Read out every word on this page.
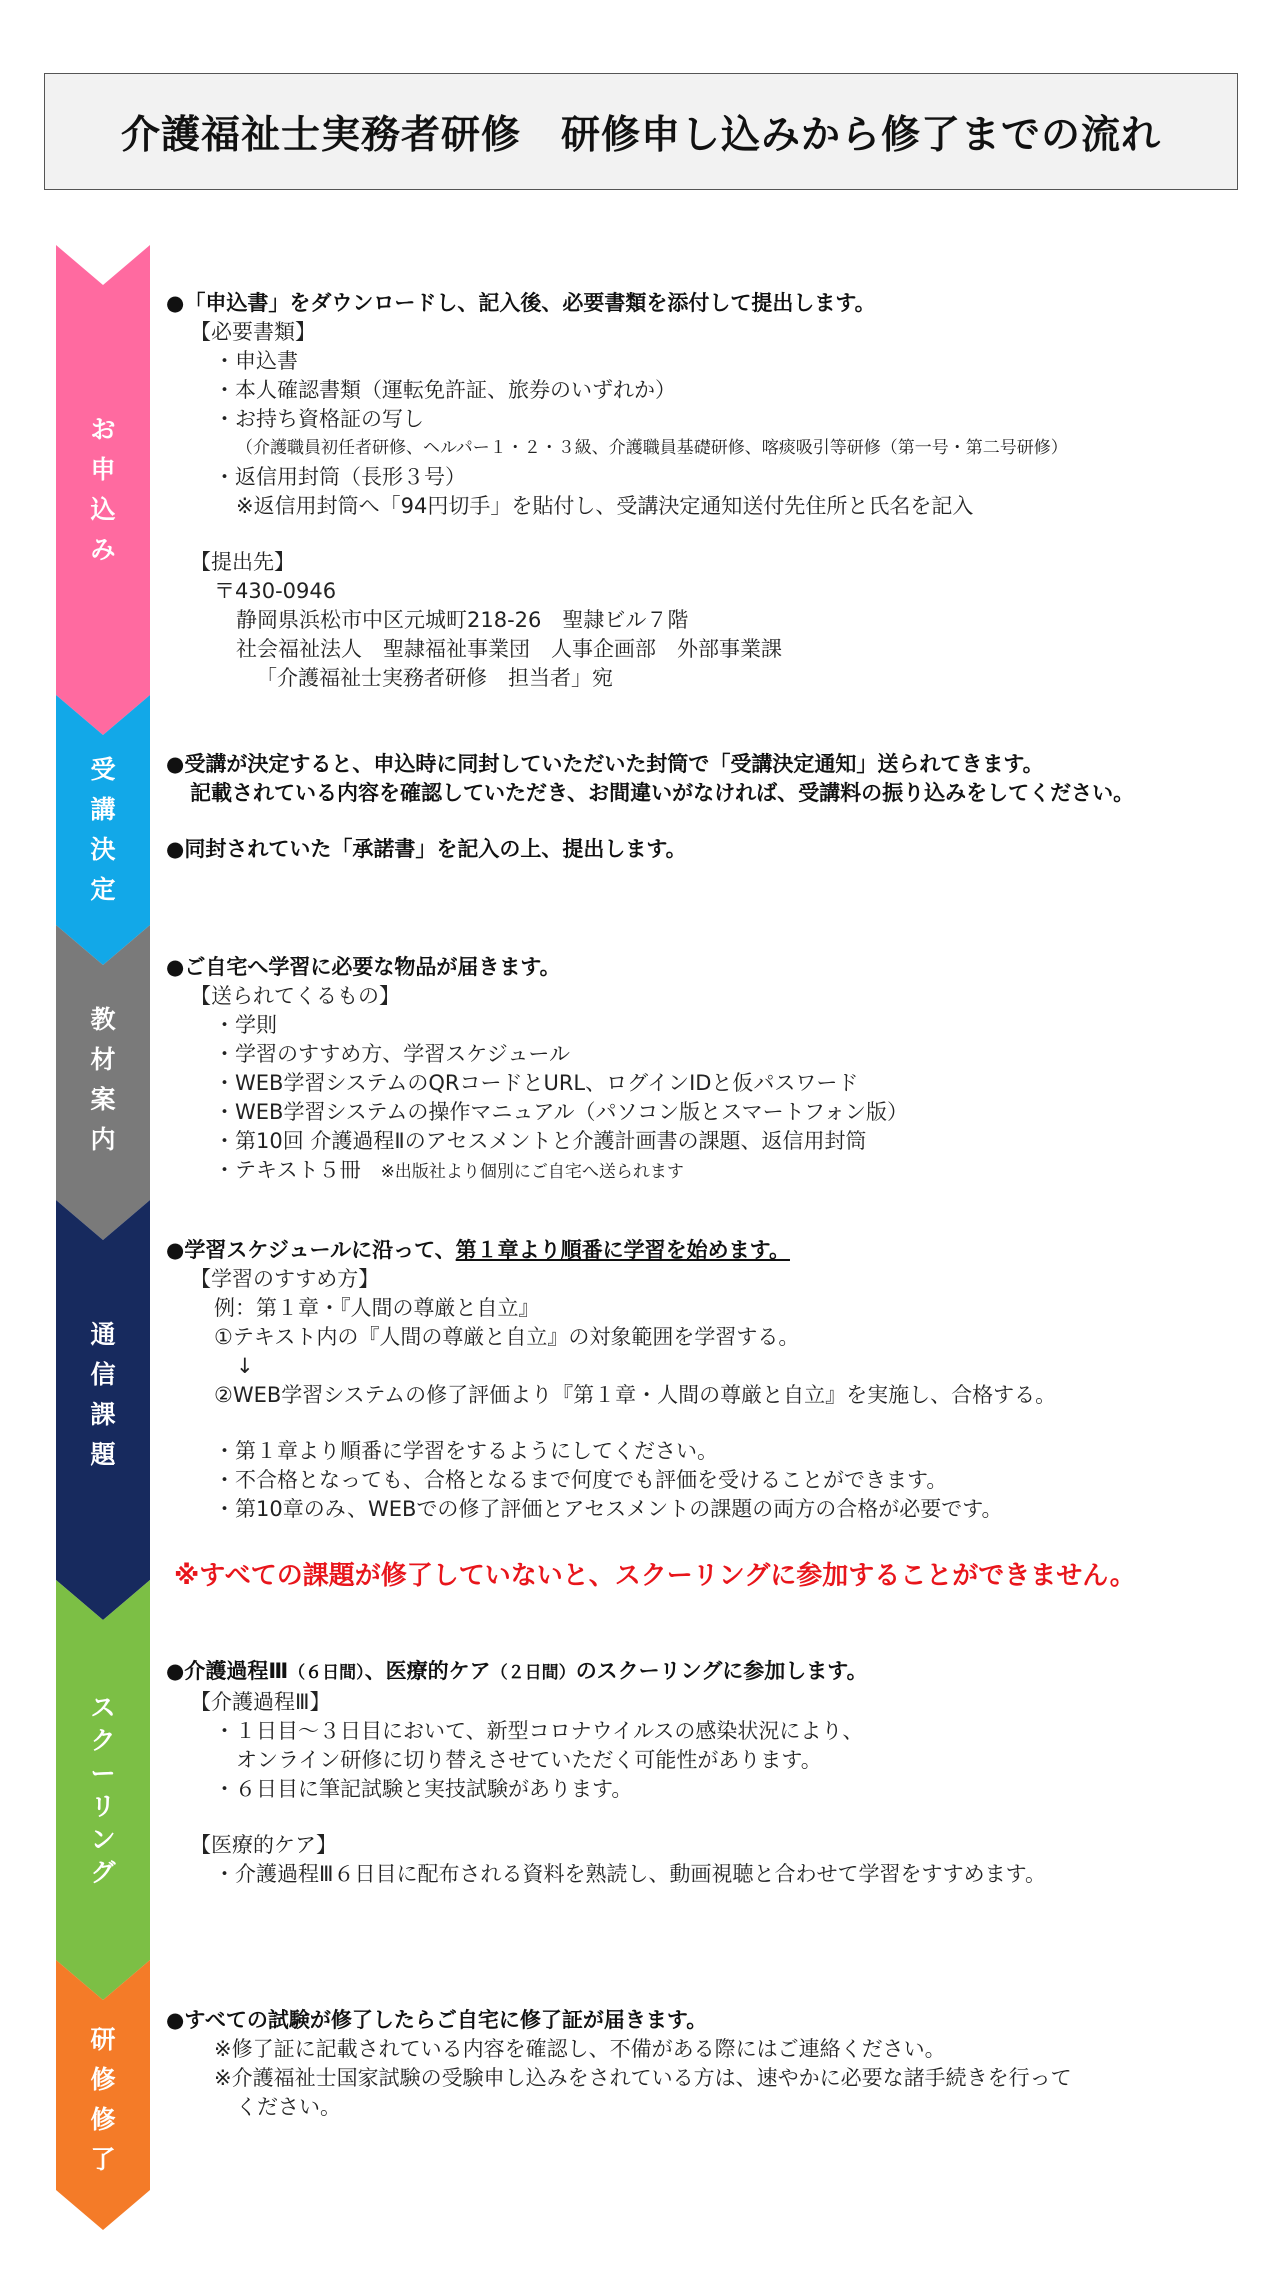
介護福祉士実務者研修　研修申し込みから修了までの流れ
お
申
込
み
受
講
決
定
教
材
案
内
通
信
課
題
ス
ク
ー
リ
ン
グ
研
修
修
了
●「申込書」をダウンロードし、記入後、必要書類を添付して提出します。
【必要書類】
・申込書
・本人確認書類（運転免許証、旅券のいずれか）
・お持ち資格証の写し
（介護職員初任者研修、ヘルパー１・２・３級、介護職員基礎研修、喀痰吸引等研修（第一号・第二号研修）
・返信用封筒（長形３号）
※返信用封筒へ「94円切手」を貼付し、受講決定通知送付先住所と氏名を記入
【提出先】
〒430-0946
静岡県浜松市中区元城町218-26　聖隷ビル７階
社会福祉法人　聖隷福祉事業団　人事企画部　外部事業課
「介護福祉士実務者研修　担当者」宛
●受講が決定すると、申込時に同封していただいた封筒で「受講決定通知」送られてきます。
記載されている内容を確認していただき、お間違いがなければ、受講料の振り込みをしてください。
●同封されていた「承諾書」を記入の上、提出します。
●ご自宅へ学習に必要な物品が届きます。
【送られてくるもの】
・学則
・学習のすすめ方、学習スケジュール
・WEB学習システムのQRコードとURL、ログインIDと仮パスワード
・WEB学習システムの操作マニュアル（パソコン版とスマートフォン版）
・第10回 介護過程Ⅱのアセスメントと介護計画書の課題、返信用封筒
・テキスト５冊 ※出版社より個別にご自宅へ送られます
●学習スケジュールに沿って、第１章より順番に学習を始めます。
【学習のすすめ方】
例：第１章・『人間の尊厳と自立』
①テキスト内の『人間の尊厳と自立』の対象範囲を学習する。
↓
②WEB学習システムの修了評価より『第１章・人間の尊厳と自立』を実施し、合格する。
・第１章より順番に学習をするようにしてください。
・不合格となっても、合格となるまで何度でも評価を受けることができます。
・第10章のみ、WEBでの修了評価とアセスメントの課題の両方の合格が必要です。
※すべての課題が修了していないと、スクーリングに参加することができません。
●介護過程Ⅲ（６日間）、医療的ケア（２日間）のスクーリングに参加します。
【介護過程Ⅲ】
・１日目～３日目において、新型コロナウイルスの感染状況により、
オンライン研修に切り替えさせていただく可能性があります。
・６日目に筆記試験と実技試験があります。
【医療的ケア】
・介護過程Ⅲ６日目に配布される資料を熟読し、動画視聴と合わせて学習をすすめます。
●すべての試験が修了したらご自宅に修了証が届きます。
※修了証に記載されている内容を確認し、不備がある際にはご連絡ください。
※介護福祉士国家試験の受験申し込みをされている方は、速やかに必要な諸手続きを行って
ください。
